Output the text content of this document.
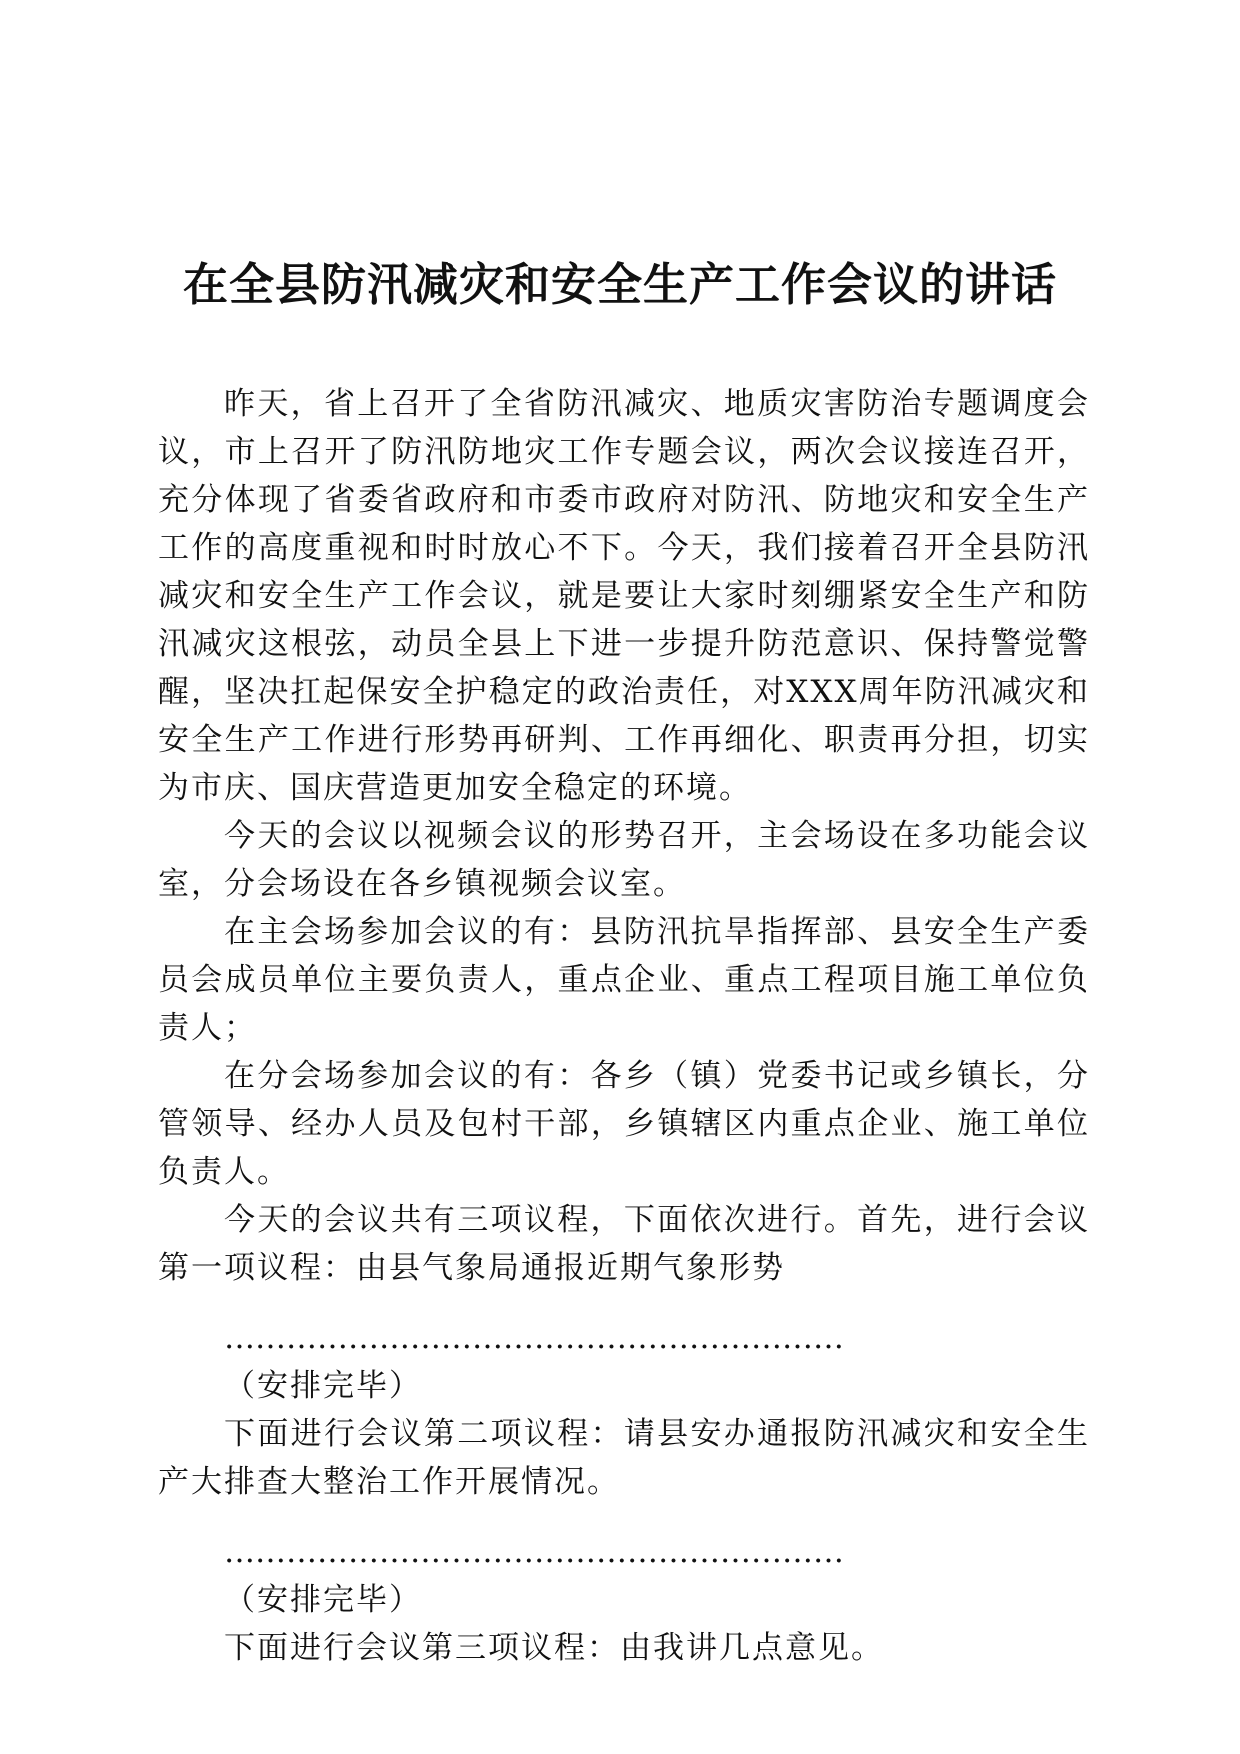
在全县防汛减灾和安全生产工作会议的讲话

昨天，省上召开了全省防汛减灾、地质灾害防治专题调度会议，市上召开了防汛防地灾工作专题会议，两次会议接连召开，充分体现了省委省政府和市委市政府对防汛、防地灾和安全生产工作的高度重视和时时放心不下。今天，我们接着召开全县防汛减灾和安全生产工作会议，就是要让大家时刻绷紧安全生产和防汛减灾这根弦，动员全县上下进一步提升防范意识、保持警觉警醒，坚决扛起保安全护稳定的政治责任，对XXX周年防汛减灾和安全生产工作进行形势再研判、工作再细化、职责再分担，切实为市庆、国庆营造更加安全稳定的环境。

今天的会议以视频会议的形势召开，主会场设在多功能会议室，分会场设在各乡镇视频会议室。

在主会场参加会议的有：县防汛抗旱指挥部、县安全生产委员会成员单位主要负责人，重点企业、重点工程项目施工单位负责人；

在分会场参加会议的有：各乡（镇）党委书记或乡镇长，分管领导、经办人员及包村干部，乡镇辖区内重点企业、施工单位负责人。

今天的会议共有三项议程，下面依次进行。首先，进行会议第一项议程：由县气象局通报近期气象形势

……………………………………………………

（安排完毕）

下面进行会议第二项议程：请县安办通报防汛减灾和安全生产大排查大整治工作开展情况。

……………………………………………………

（安排完毕）

下面进行会议第三项议程：由我讲几点意见。
